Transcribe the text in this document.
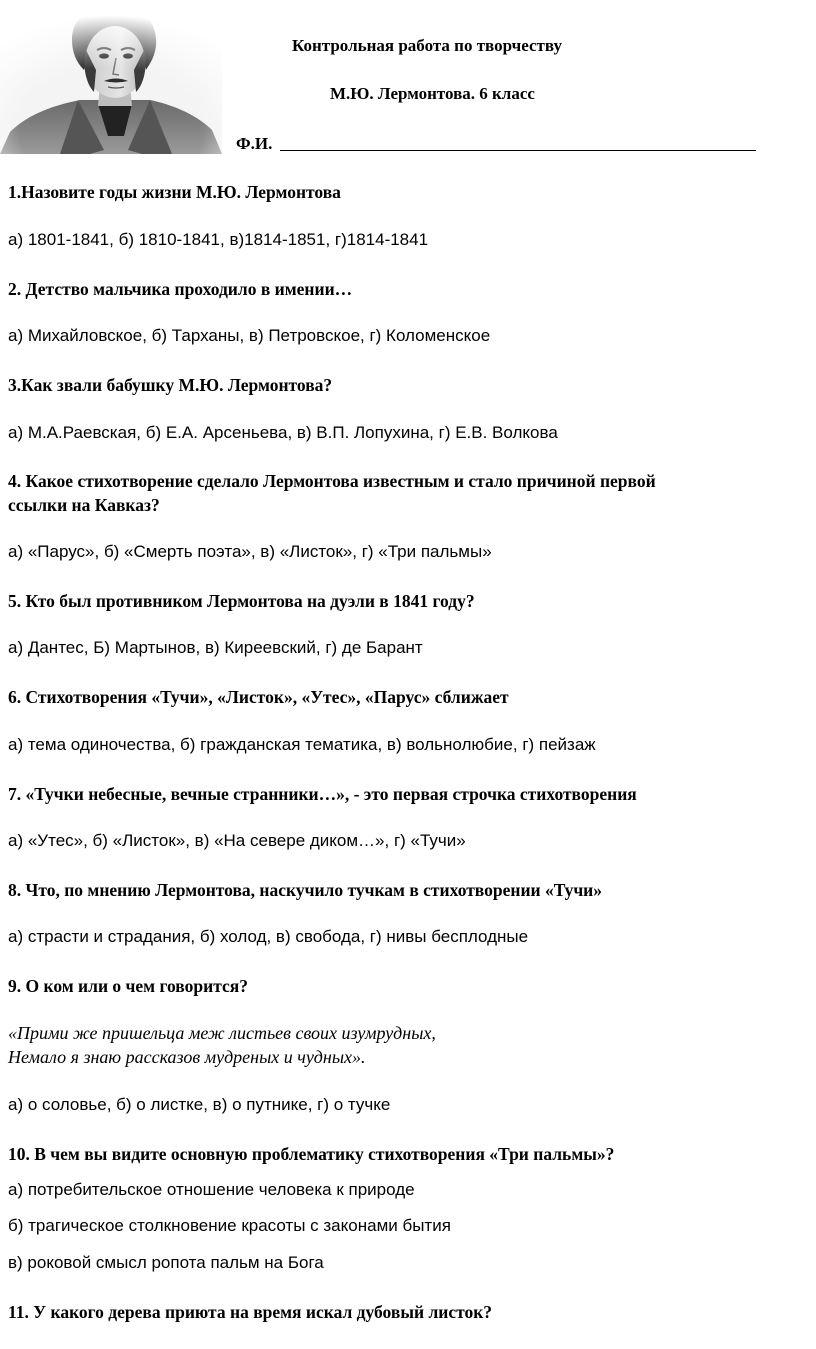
Контрольная работа по творчеству
М.Ю. Лермонтова. 6 класс
Ф.И.
1.Назовите годы жизни М.Ю. Лермонтова
а) 1801-1841, б) 1810-1841, в)1814-1851, г)1814-1841
2. Детство мальчика проходило в имении…
а) Михайловское, б) Тарханы, в) Петровское, г) Коломенское
3.Как звали бабушку М.Ю. Лермонтова?
а) М.А.Раевская, б) Е.А. Арсеньева, в) В.П. Лопухина, г) Е.В. Волкова
4. Какое стихотворение сделало Лермонтова известным и стало причиной первой
ссылки на Кавказ?
а) «Парус», б) «Смерть поэта», в) «Листок», г) «Три пальмы»
5. Кто был противником Лермонтова на дуэли в 1841 году?
а) Дантес, Б) Мартынов, в) Киреевский, г) де Барант
6. Стихотворения «Тучи», «Листок», «Утес», «Парус» сближает
а) тема одиночества, б) гражданская тематика, в) вольнолюбие, г) пейзаж
7. «Тучки небесные, вечные странники…», - это первая строчка стихотворения
а) «Утес», б) «Листок», в) «На севере диком…», г) «Тучи»
8. Что, по мнению Лермонтова, наскучило тучкам в стихотворении «Тучи»
а) страсти и страдания, б) холод, в) свобода, г) нивы бесплодные
9. О ком или о чем говорится?
«Прими же пришельца меж листьев своих изумрудных,
Немало я знаю рассказов мудреных и чудных».
а) о соловье, б) о листке, в) о путнике, г) о тучке
10. В чем вы видите основную проблематику стихотворения «Три пальмы»?
а) потребительское отношение человека к природе
б) трагическое столкновение красоты с законами бытия
в) роковой смысл ропота пальм на Бога
11. У какого дерева приюта на время искал дубовый листок?
